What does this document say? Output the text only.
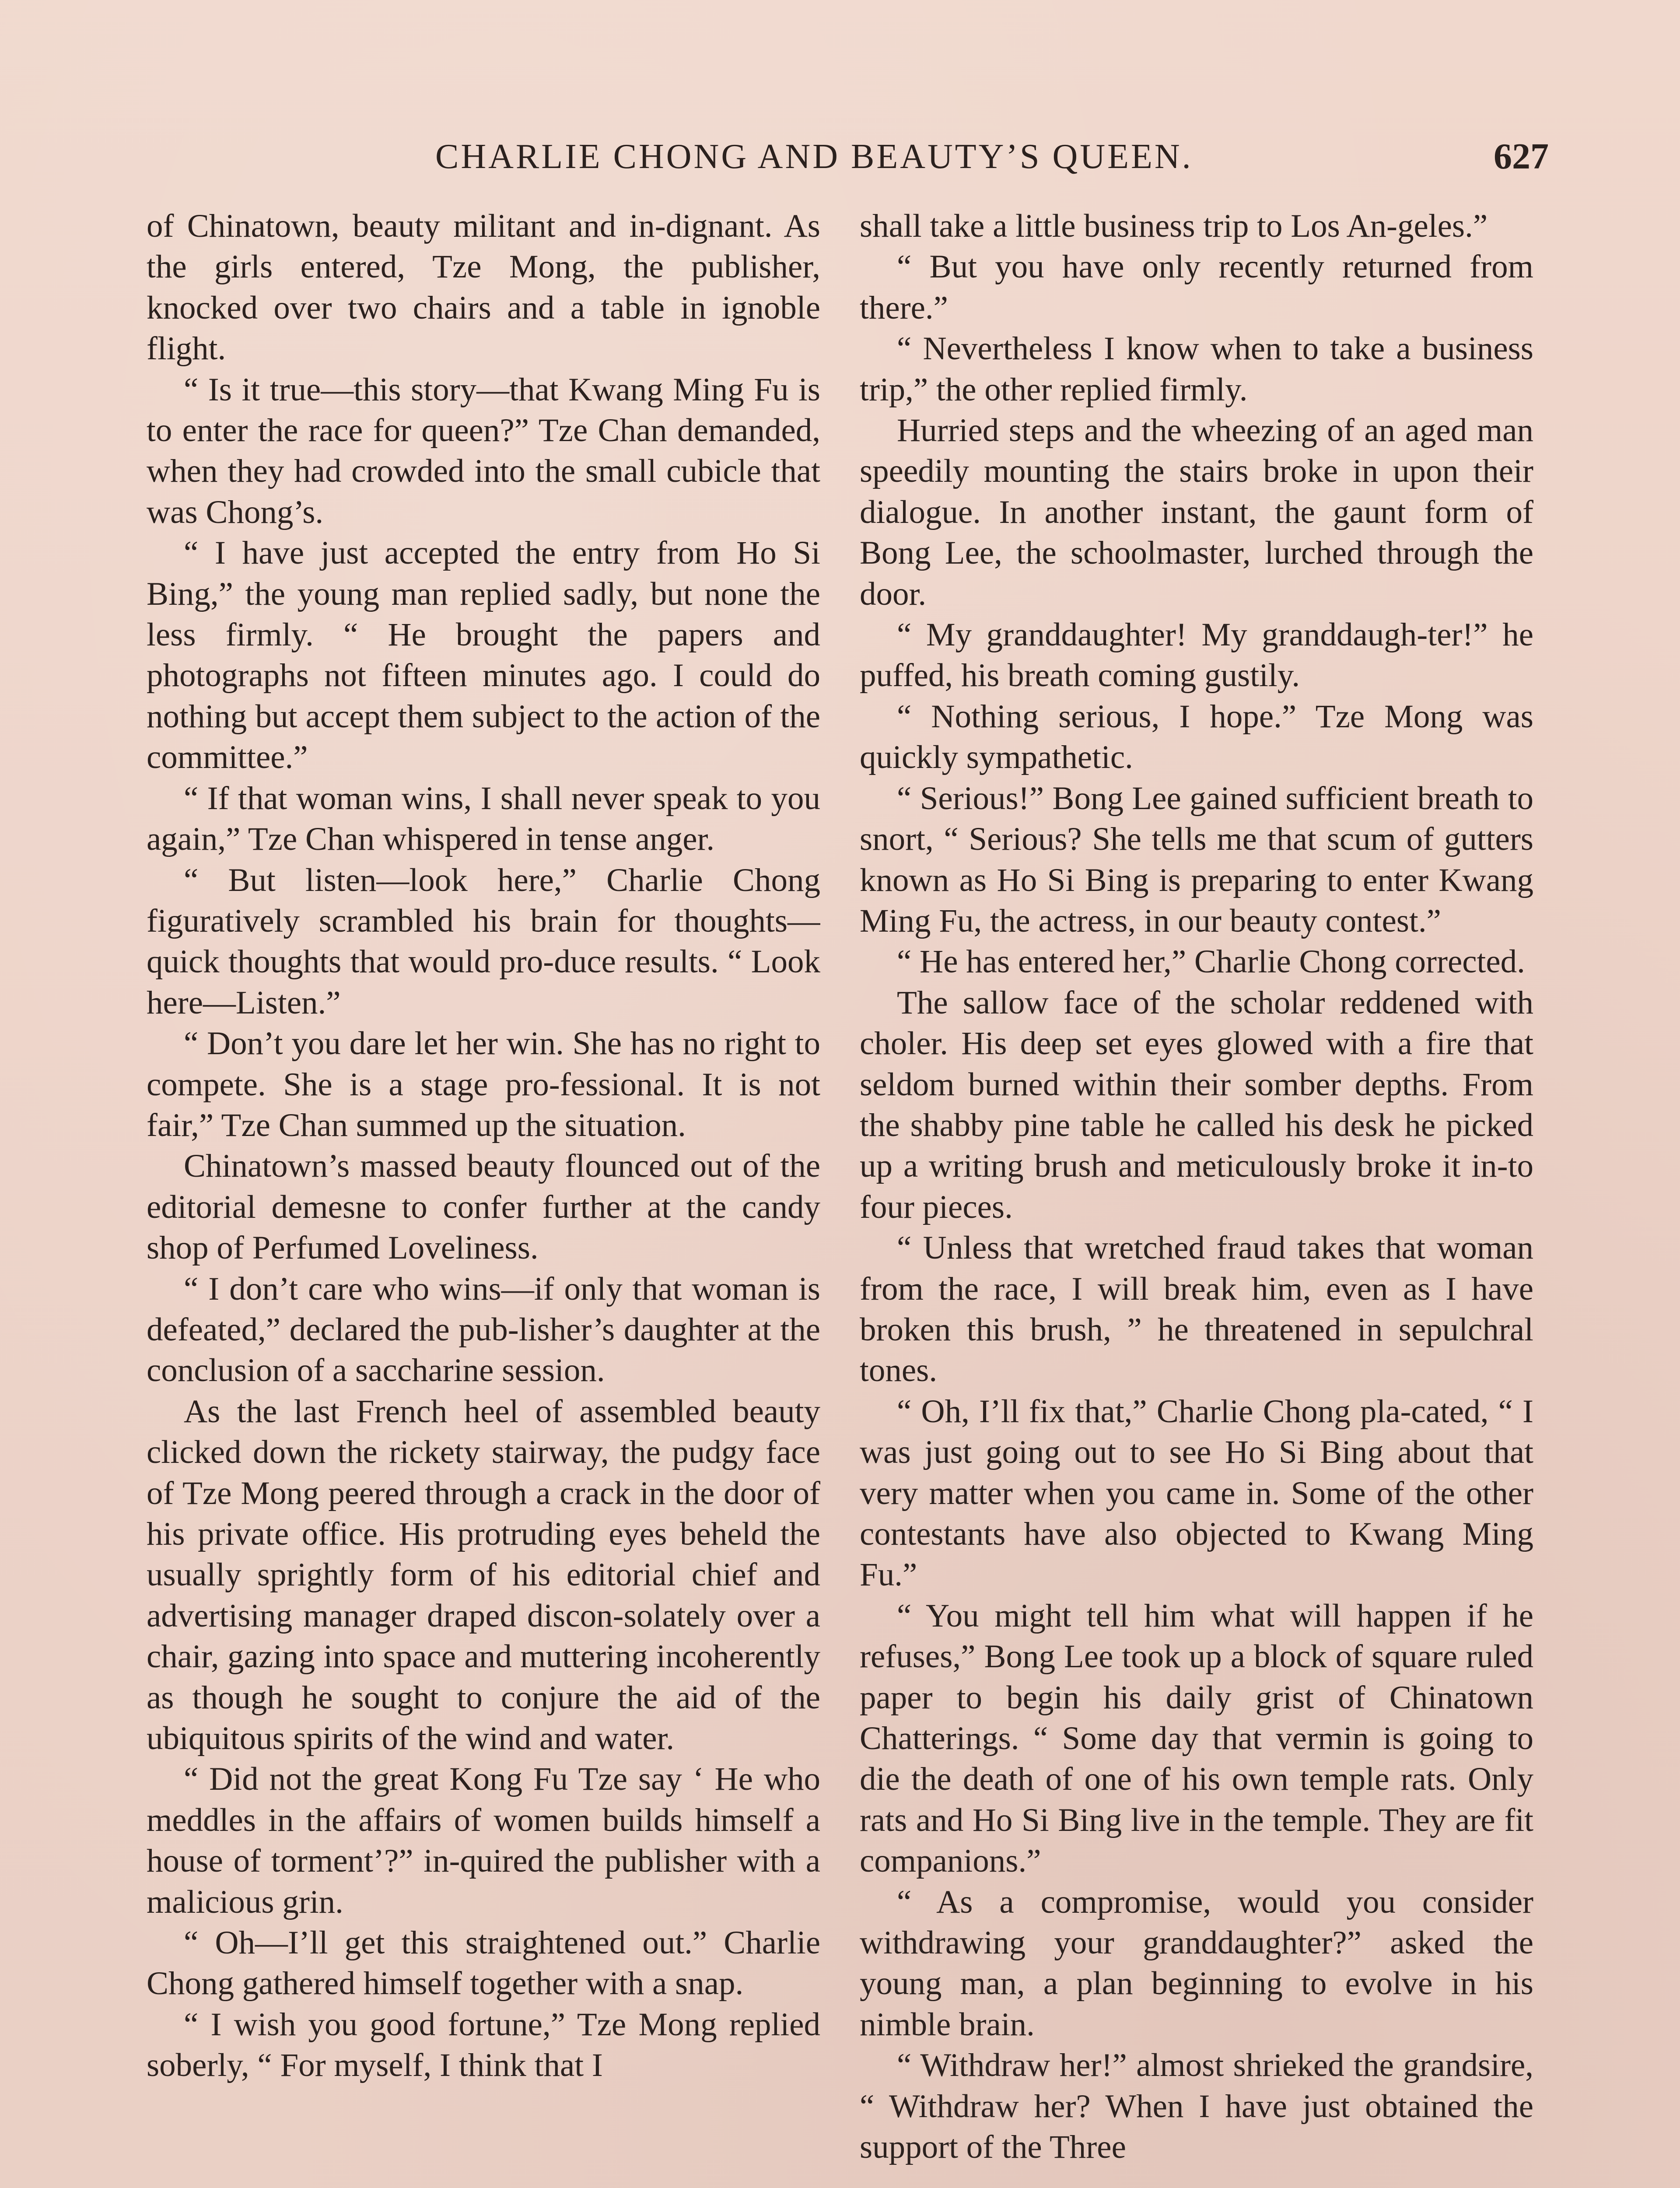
CHARLIE CHONG AND BEAUTY’S QUEEN.	627

of Chinatown, beauty militant and in-dignant. As the girls entered, Tze Mong, the publisher, knocked over two chairs and a table in ignoble flight.

“ Is it true—this story—that Kwang Ming Fu is to enter the race for queen?” Tze Chan demanded, when they had crowded into the small cubicle that was Chong’s.

“ I have just accepted the entry from Ho Si Bing,” the young man replied sadly, but none the less firmly. “ He brought the papers and photographs not fifteen minutes ago. I could do nothing but accept them subject to the action of the committee.”

“ If that woman wins, I shall never speak to you again,” Tze Chan whispered in tense anger.

“ But listen—look here,” Charlie Chong figuratively scrambled his brain for thoughts—quick thoughts that would pro-duce results. “ Look here—Listen.”

“ Don’t you dare let her win. She has no right to compete. She is a stage pro-fessional. It is not fair,” Tze Chan summed up the situation.

Chinatown’s massed beauty flounced out of the editorial demesne to confer further at the candy shop of Perfumed Loveliness.

“ I don’t care who wins—if only that woman is defeated,” declared the pub-lisher’s daughter at the conclusion of a saccharine session.

As the last French heel of assembled beauty clicked down the rickety stairway, the pudgy face of Tze Mong peered through a crack in the door of his private office. His protruding eyes beheld the usually sprightly form of his editorial chief and advertising manager draped discon-solately over a chair, gazing into space and muttering incoherently as though he sought to conjure the aid of the ubiquitous spirits of the wind and water.

“ Did not the great Kong Fu Tze say ‘ He who meddles in the affairs of women builds himself a house of torment’?” in-quired the publisher with a malicious grin.

“ Oh—I’ll get this straightened out.” Charlie Chong gathered himself together with a snap.

“ I wish you good fortune,” Tze Mong replied soberly, “ For myself, I think that I

shall take a little business trip to Los An-geles.”

“ But you have only recently returned from there.”

“ Nevertheless I know when to take a business trip,” the other replied firmly.

Hurried steps and the wheezing of an aged man speedily mounting the stairs broke in upon their dialogue. In another instant, the gaunt form of Bong Lee, the schoolmaster, lurched through the door.

“ My granddaughter! My granddaugh-ter!” he puffed, his breath coming gustily.

“ Nothing serious, I hope.” Tze Mong was quickly sympathetic.

“ Serious!” Bong Lee gained sufficient breath to snort, “ Serious? She tells me that scum of gutters known as Ho Si Bing is preparing to enter Kwang Ming Fu, the actress, in our beauty contest.”

“ He has entered her,” Charlie Chong corrected.

The sallow face of the scholar reddened with choler. His deep set eyes glowed with a fire that seldom burned within their somber depths. From the shabby pine table he called his desk he picked up a writing brush and meticulously broke it in-to four pieces.

“ Unless that wretched fraud takes that woman from the race, I will break him, even as I have broken this brush, ” he threatened in sepulchral tones.

“ Oh, I’ll fix that,” Charlie Chong pla-cated, “ I was just going out to see Ho Si Bing about that very matter when you came in. Some of the other contestants have also objected to Kwang Ming Fu.”

“ You might tell him what will happen if he refuses,” Bong Lee took up a block of square ruled paper to begin his daily grist of Chinatown Chatterings. “ Some day that vermin is going to die the death of one of his own temple rats. Only rats and Ho Si Bing live in the temple. They are fit companions.”

“ As a compromise, would you consider withdrawing your granddaughter?” asked the young man, a plan beginning to evolve in his nimble brain.

“ Withdraw her!” almost shrieked the grandsire, “ Withdraw her? When I have just obtained the support of the Three
